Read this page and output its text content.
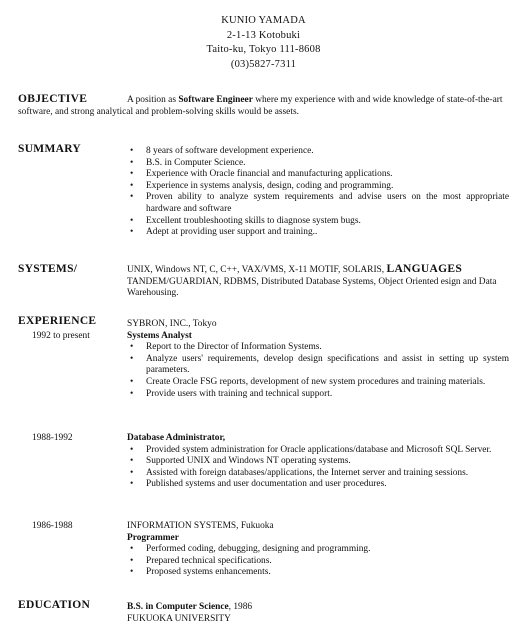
KUNIO YAMADA
2-1-13 Kotobuki
Taito-ku, Tokyo 111-8608
(03)5827-7311
OBJECTIVE	A position as Software Engineer where my experience with and wide knowledge of state-of-the-art software, and strong analytical and problem-solving skills would be assets.
SUMMARY
•	8 years of software development experience.
• B.S. in Computer Science.
• Experience with Oracle financial and manufacturing applications.
• Experience in systems analysis, design, coding and programming.
• Proven ability to analyze system requirements and advise users on the most appropriate hardware and software
• Excellent troubleshooting skills to diagnose system bugs.
• Adept at providing user support and training..
SYSTEMS/	UNIX, Windows NT, C, C++, VAX/VMS, X-11 MOTIF, SOLARIS, LANGUAGES TANDEM/GUARDIAN, RDBMS, Distributed Database Systems, Object Oriented esign and Data Warehousing.
EXPERIENCE
1992 to present
SYBRON, INC., Tokyo
Systems Analyst
• Report to the Director of Information Systems.
• Analyze users' requirements, develop design specifications and assist in setting up system parameters.
• Create Oracle FSG reports, development of new system procedures and training materials.
• Provide users with training and technical support.
1988-1992	Database Administrator,
• Provided system administration for Oracle applications/database and Microsoft SQL Server.
• Supported UNIX and Windows NT operating systems.
• Assisted with foreign databases/applications, the Internet server and training sessions.
• Published systems and user documentation and user procedures.
1986-1988	INFORMATION SYSTEMS, Fukuoka
Programmer
• Performed coding, debugging, designing and programming.
• Prepared technical specifications.
• Proposed systems enhancements.
EDUCATION	B.S. in Computer Science, 1986
FUKUOKA UNIVERSITY
